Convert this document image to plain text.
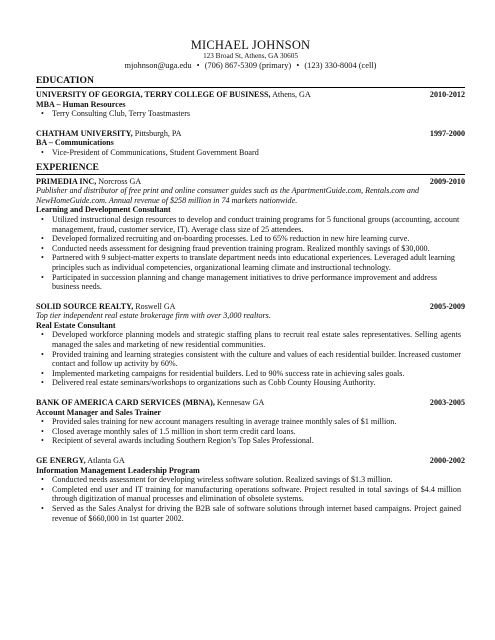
MICHAEL JOHNSON
123 Broad St, Athens, GA 30605
mjohnson@uga.edu • (706) 867-5309 (primary) • (123) 330-8004 (cell)
EDUCATION
UNIVERSITY OF GEORGIA, TERRY COLLEGE OF BUSINESS, Athens, GA	2010-2012
MBA – Human Resources
• Terry Consulting Club, Terry Toastmasters
CHATHAM UNIVERSITY, Pittsburgh, PA	1997-2000
BA – Communications
• Vice-President of Communications, Student Government Board
EXPERIENCE
PRIMEDIA INC, Norcross GA	2009-2010
Publisher and distributor of free print and online consumer guides such as the ApartmentGuide.com, Rentals.com and NewHomeGuide.com. Annual revenue of $258 million in 74 markets nationwide.
Learning and Development Consultant
• Utilized instructional design resources to develop and conduct training programs for 5 functional groups (accounting, account management, fraud, customer service, IT). Average class size of 25 attendees.
• Developed formalized recruiting and on-boarding processes. Led to 65% reduction in new hire learning curve.
• Conducted needs assessment for designing fraud prevention training program. Realized monthly savings of $30,000.
• Partnered with 9 subject-matter experts to translate department needs into educational experiences. Leveraged adult learning principles such as individual competencies, organizational learning climate and instructional technology.
• Participated in succession planning and change management initiatives to drive performance improvement and address business needs.
SOLID SOURCE REALTY, Roswell GA	2005-2009
Top tier independent real estate brokerage firm with over 3,000 realtors.
Real Estate Consultant
• Developed workforce planning models and strategic staffing plans to recruit real estate sales representatives. Selling agents managed the sales and marketing of new residential communities.
• Provided training and learning strategies consistent with the culture and values of each residential builder. Increased customer contact and follow up activity by 60%.
• Implemented marketing campaigns for residential builders. Led to 90% success rate in achieving sales goals.
• Delivered real estate seminars/workshops to organizations such as Cobb County Housing Authority.
BANK OF AMERICA CARD SERVICES (MBNA), Kennesaw GA	2003-2005
Account Manager and Sales Trainer
• Provided sales training for new account managers resulting in average trainee monthly sales of $1 million.
• Closed average monthly sales of 1.5 million in short term credit card loans.
• Recipient of several awards including Southern Region’s Top Sales Professional.
GE ENERGY, Atlanta GA	2000-2002
Information Management Leadership Program
• Conducted needs assessment for developing wireless software solution. Realized savings of $1.3 million.
• Completed end user and IT training for manufacturing operations software. Project resulted in total savings of $4.4 million through digitization of manual processes and elimination of obsolete systems.
• Served as the Sales Analyst for driving the B2B sale of software solutions through internet based campaigns. Project gained revenue of $660,000 in 1st quarter 2002.
